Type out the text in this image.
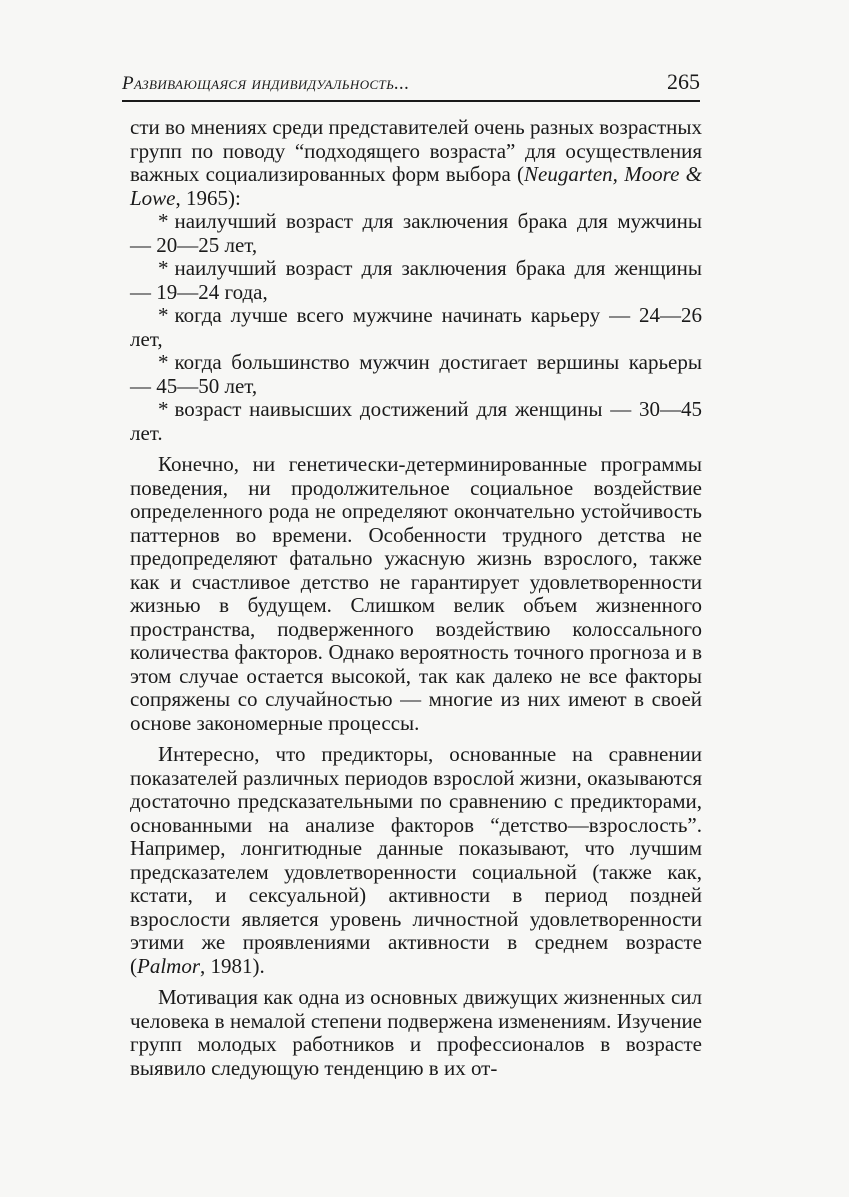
Развивающаяся индивидуальность...	265

сти во мнениях среди представителей очень разных возрастных групп по поводу “подходящего возраста” для осуществления важных социализированных форм выбора (Neugarten, Moore & Lowe, 1965):

* наилучший возраст для заключения брака для мужчины — 20—25 лет,

* наилучший возраст для заключения брака для женщины — 19—24 года,

* когда лучше всего мужчине начинать карьеру — 24—26 лет,

* когда большинство мужчин достигает вершины карьеры — 45—50 лет,

* возраст наивысших достижений для женщины — 30—45 лет.

Конечно, ни генетически-детерминированные программы поведения, ни продолжительное социальное воздействие определенного рода не определяют окончательно устойчивость паттернов во времени. Особенности трудного детства не предопределяют фатально ужасную жизнь взрослого, также как и счастливое детство не гарантирует удовлетворенности жизнью в будущем. Слишком велик объем жизненного пространства, подверженного воздействию колоссального количества факторов. Однако вероятность точного прогноза и в этом случае остается высокой, так как далеко не все факторы сопряжены со случайностью — многие из них имеют в своей основе закономерные процессы.

Интересно, что предикторы, основанные на сравнении показателей различных периодов взрослой жизни, оказываются достаточно предсказательными по сравнению с предикторами, основанными на анализе факторов “детство—взрослость”. Например, лонгитюдные данные показывают, что лучшим предсказателем удовлетворенности социальной (также как, кстати, и сексуальной) активности в период поздней взрослости является уровень личностной удовлетворенности этими же проявлениями активности в среднем возрасте (Palmor, 1981).

Мотивация как одна из основных движущих жизненных сил человека в немалой степени подвержена изменениям. Изучение групп молодых работников и профессионалов в возрасте выявило следующую тенденцию в их от-
